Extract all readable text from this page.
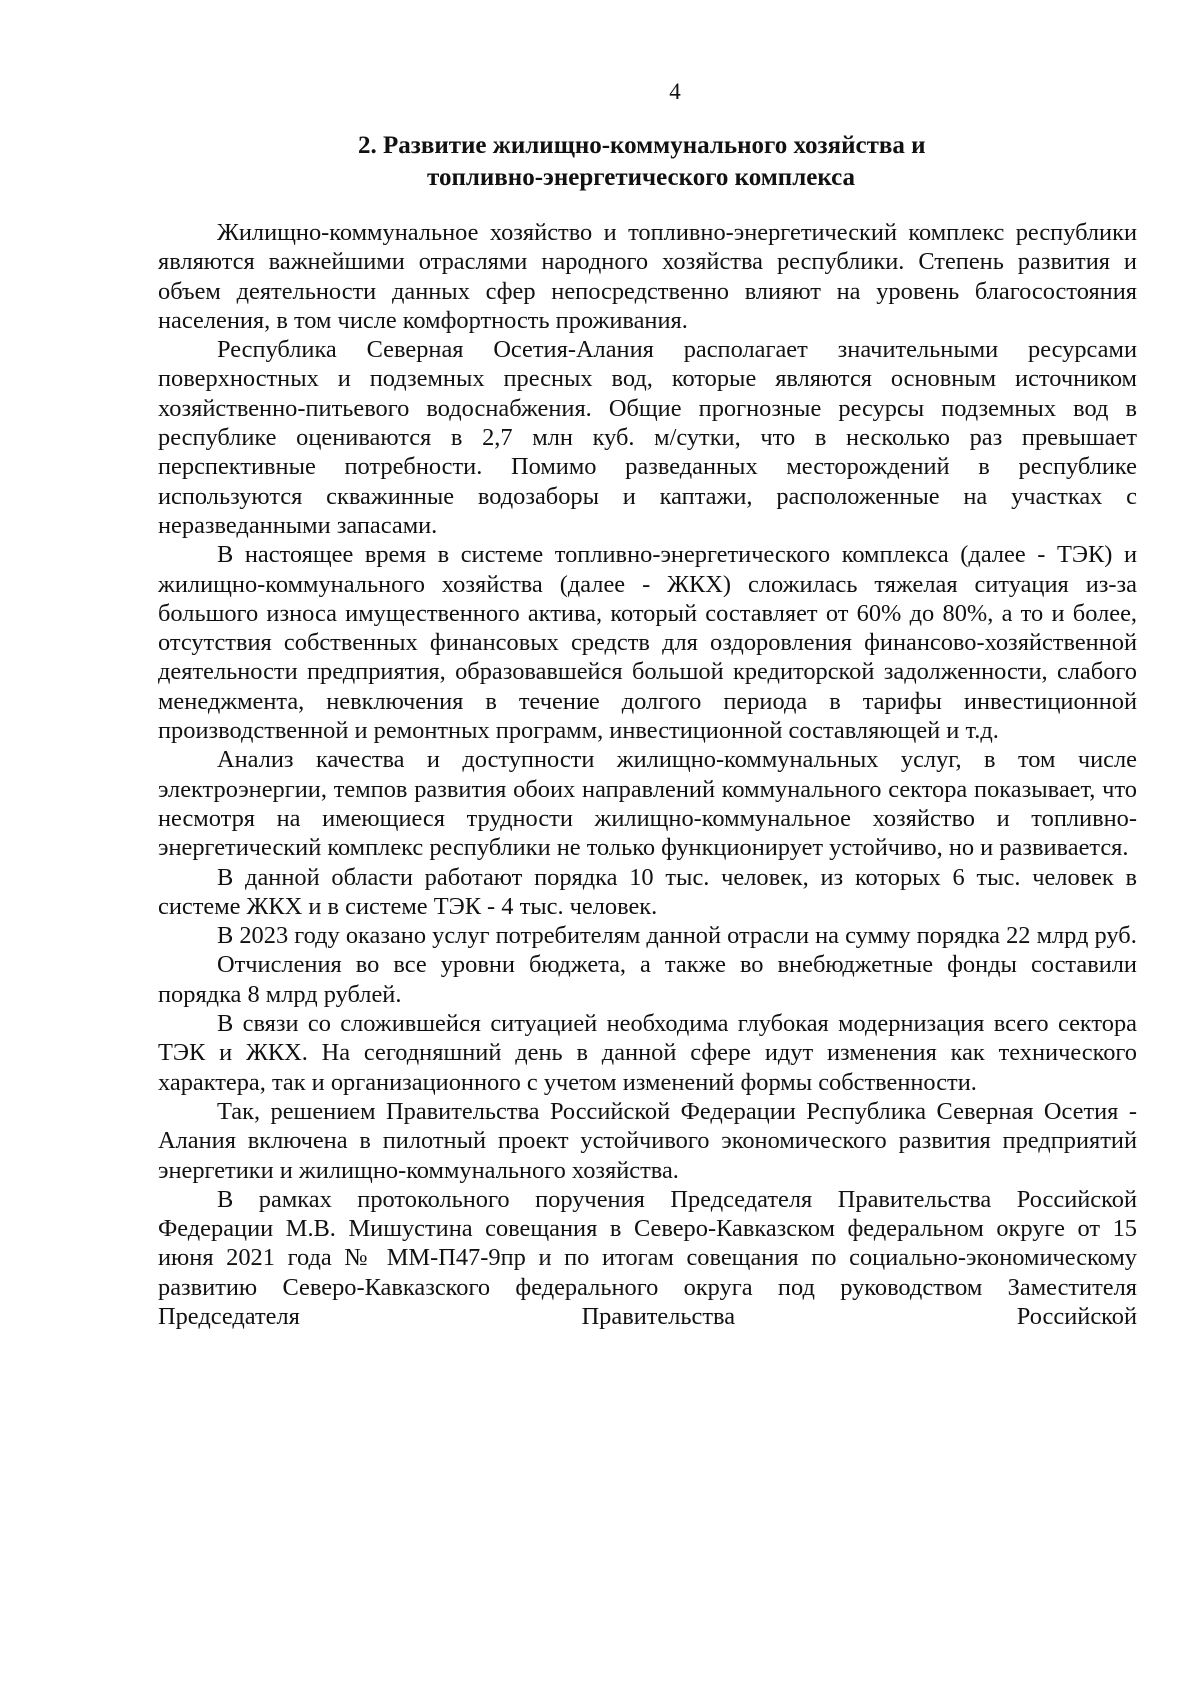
4
2. Развитие жилищно-коммунального хозяйства и
топливно-энергетического комплекса

Жилищно-коммунальное хозяйство и топливно-энергетический комплекс республики являются важнейшими отраслями народного хозяйства республики. Степень развития и объем деятельности данных сфер непосредственно влияют на уровень благосостояния населения, в том числе комфортность проживания.

Республика Северная Осетия-Алания располагает значительными ресурсами поверхностных и подземных пресных вод, которые являются основным источником хозяйственно-питьевого водоснабжения. Общие прогнозные ресурсы подземных вод в республике оцениваются в 2,7 млн куб. м/сутки, что в несколько раз превышает перспективные потребности. Помимо разведанных месторождений в республике используются скважинные водозаборы и каптажи, расположенные на участках с неразведанными запасами.

В настоящее время в системе топливно-энергетического комплекса (далее - ТЭК) и жилищно-коммунального хозяйства (далее - ЖКХ) сложилась тяжелая ситуация из-за большого износа имущественного актива, который составляет от 60% до 80%, а то и более, отсутствия собственных финансовых средств для оздоровления финансово-хозяйственной деятельности предприятия, образовавшейся большой кредиторской задолженности, слабого менеджмента, невключения в течение долгого периода в тарифы инвестиционной производственной и ремонтных программ, инвестиционной составляющей и т.д.

Анализ качества и доступности жилищно-коммунальных услуг, в том числе электроэнергии, темпов развития обоих направлений коммунального сектора показывает, что несмотря на имеющиеся трудности жилищно-коммунальное хозяйство и топливно-энергетический комплекс республики не только функционирует устойчиво, но и развивается.

В данной области работают порядка 10 тыс. человек, из которых 6 тыс. человек в системе ЖКХ и в системе ТЭК - 4 тыс. человек.

В 2023 году оказано услуг потребителям данной отрасли на сумму порядка 22 млрд руб.

Отчисления во все уровни бюджета, а также во внебюджетные фонды составили порядка 8 млрд рублей.

В связи со сложившейся ситуацией необходима глубокая модернизация всего сектора ТЭК и ЖКХ. На сегодняшний день в данной сфере идут изменения как технического характера, так и организационного с учетом изменений формы собственности.

Так, решением Правительства Российской Федерации Республика Северная Осетия - Алания включена в пилотный проект устойчивого экономического развития предприятий энергетики и жилищно-коммунального хозяйства.

В рамках протокольного поручения Председателя Правительства Российской Федерации М.В. Мишустина совещания в Северо-Кавказском федеральном округе от 15 июня 2021 года № ММ-П47-9пр и по итогам совещания по социально-экономическому развитию Северо-Кавказского федерального округа под руководством Заместителя Председателя Правительства Российской
